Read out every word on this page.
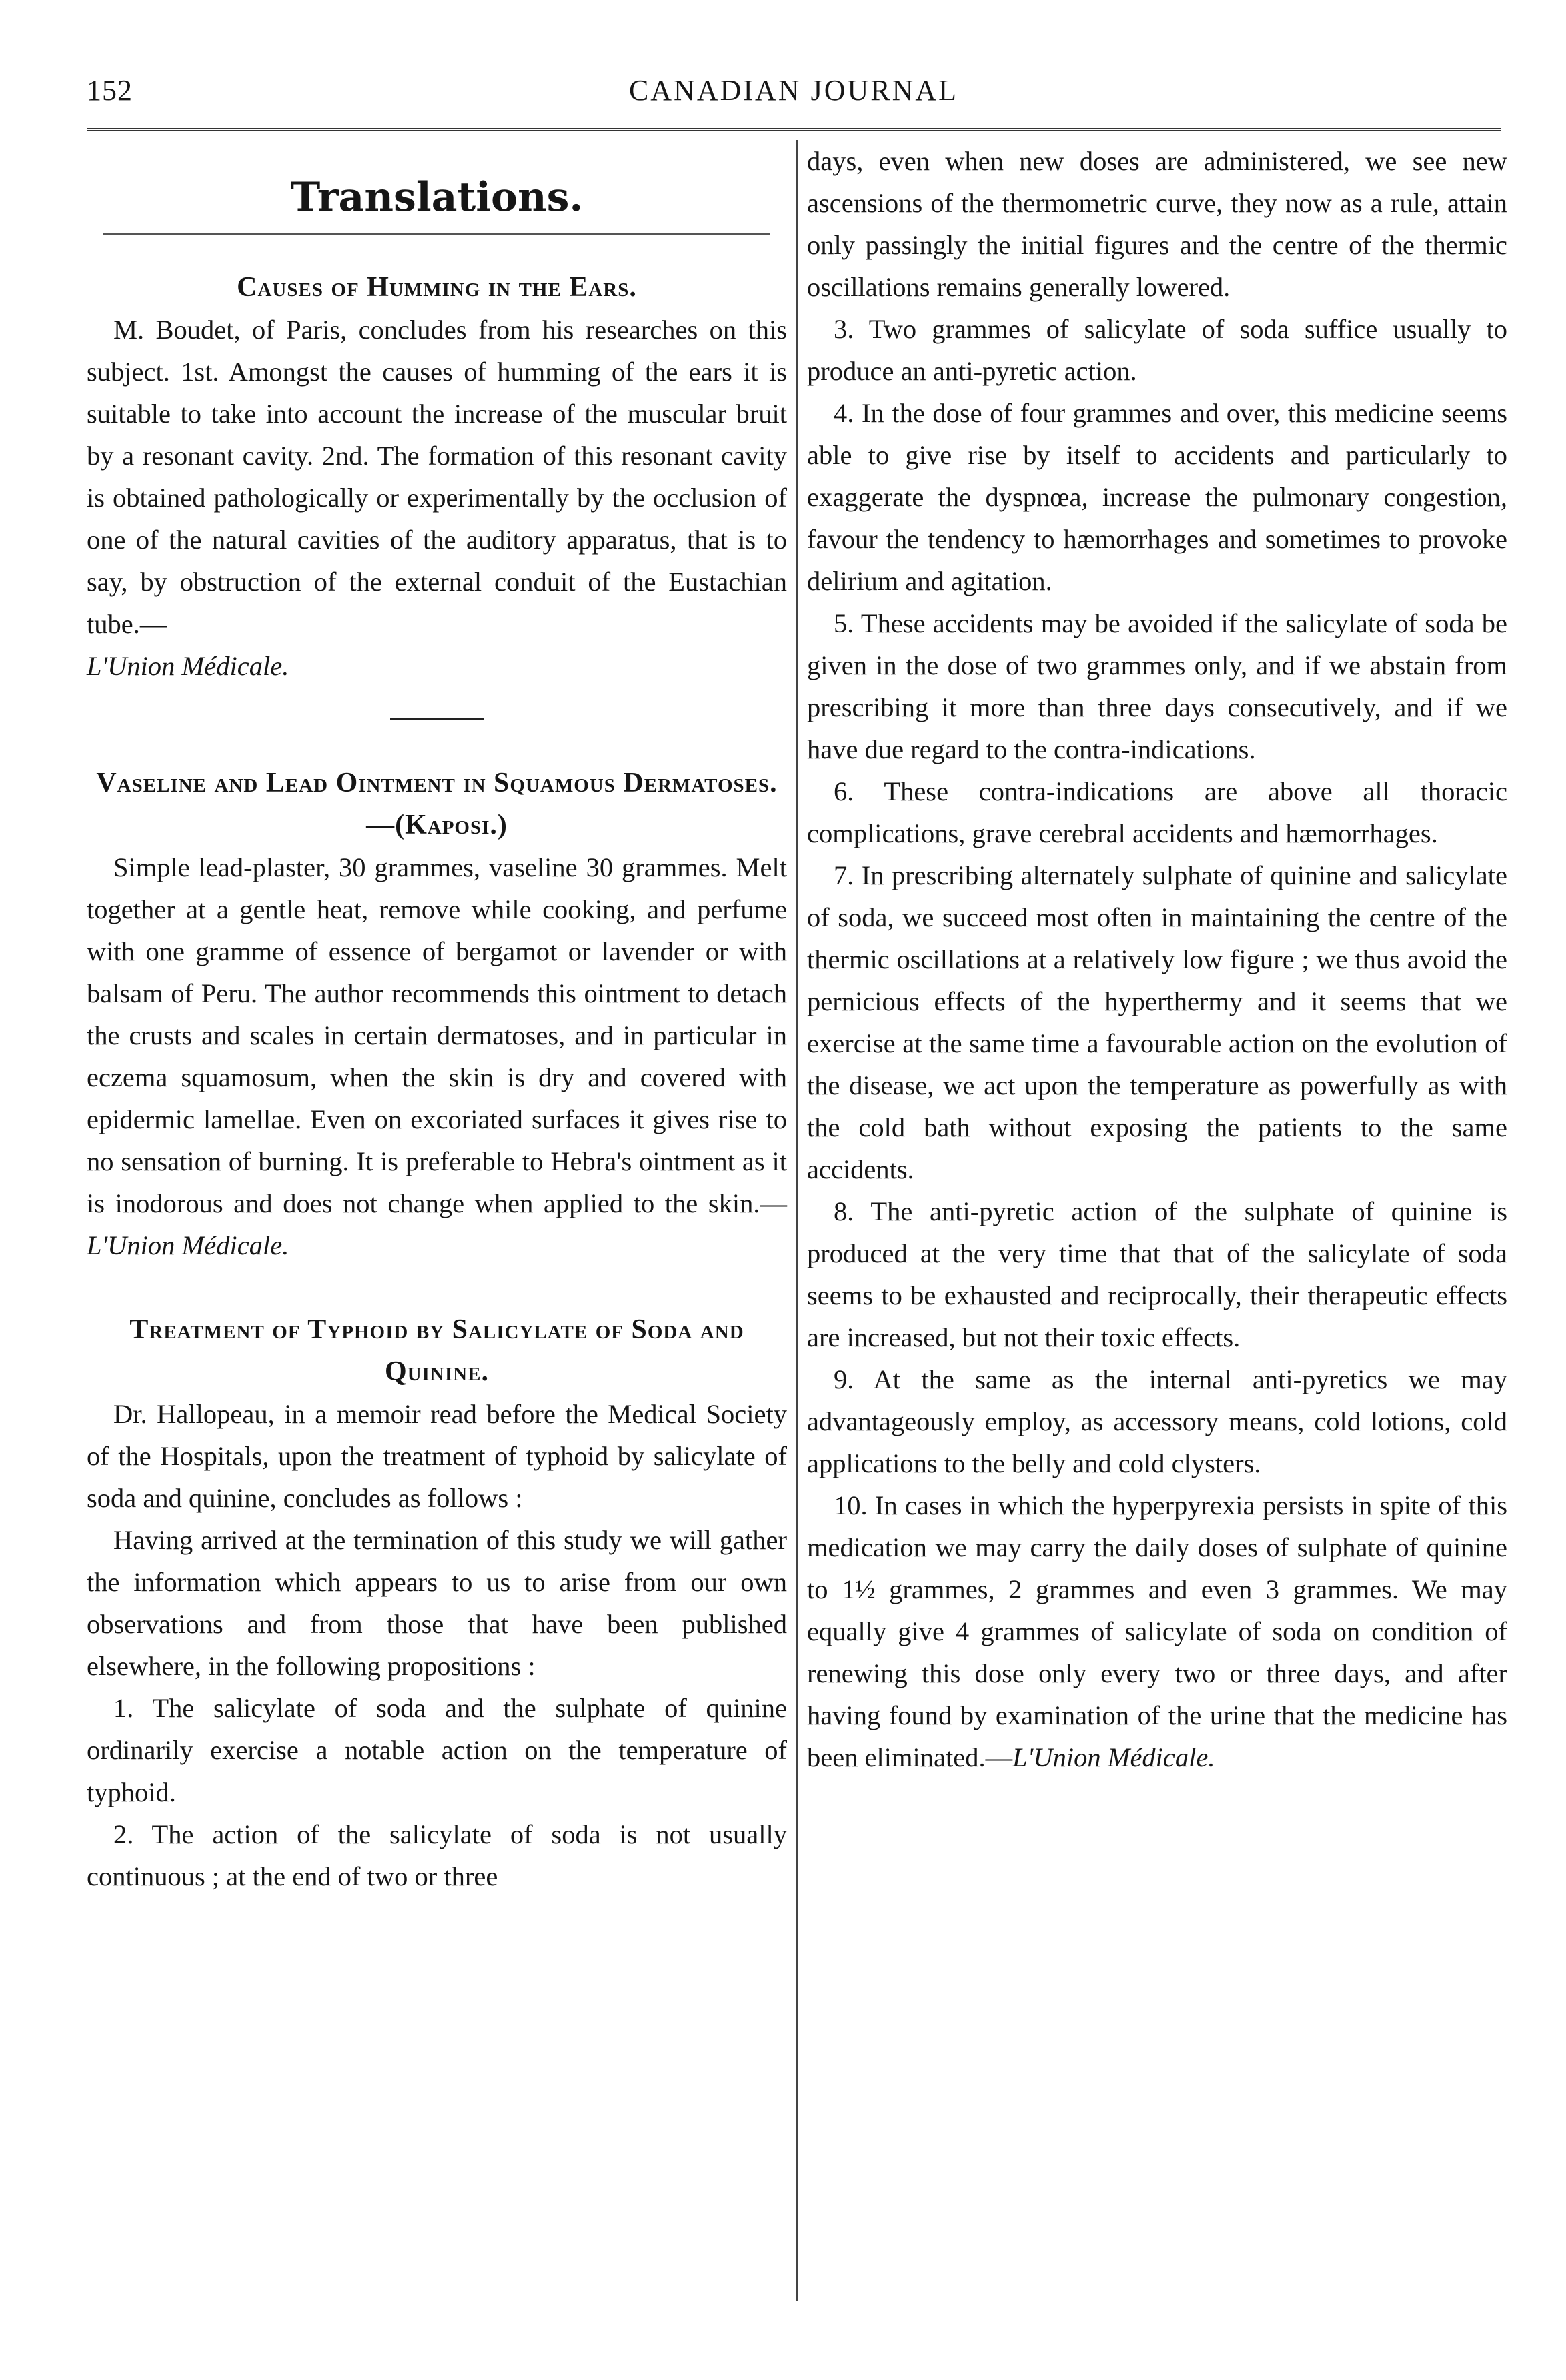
152	CANADIAN JOURNAL
Translations.
Causes of Humming in the Ears.

M. Boudet, of Paris, concludes from his researches on this subject. 1st. Amongst the causes of humming of the ears it is suitable to take into account the increase of the muscular bruit by a resonant cavity. 2nd. The formation of this resonant cavity is obtained pathologically or experimentally by the occlusion of one of the natural cavities of the auditory apparatus, that is to say, by obstruction of the external conduit of the Eustachian tube.—
L'Union Médicale.

Vaseline and Lead Ointment in Squamous Dermatoses.—(Kaposi.)

Simple lead-plaster, 30 grammes, vaseline 30 grammes. Melt together at a gentle heat, remove while cooking, and perfume with one gramme of essence of bergamot or lavender or with balsam of Peru. The author recommends this ointment to detach the crusts and scales in certain dermatoses, and in particular in eczema squamosum, when the skin is dry and covered with epidermic lamellae. Even on excoriated surfaces it gives rise to no sensation of burning. It is preferable to Hebra's ointment as it is inodorous and does not change when applied to the skin.—L'Union Médicale.

Treatment of Typhoid by Salicylate of Soda and Quinine.

Dr. Hallopeau, in a memoir read before the Medical Society of the Hospitals, upon the treatment of typhoid by salicylate of soda and quinine, concludes as follows :

Having arrived at the termination of this study we will gather the information which appears to us to arise from our own observations and from those that have been published elsewhere, in the following propositions :

1. The salicylate of soda and the sulphate of quinine ordinarily exercise a notable action on the temperature of typhoid.

2. The action of the salicylate of soda is not usually continuous ; at the end of two or three

days, even when new doses are administered, we see new ascensions of the thermometric curve, they now as a rule, attain only passingly the initial figures and the centre of the thermic oscillations remains generally lowered.

3. Two grammes of salicylate of soda suffice usually to produce an anti-pyretic action.

4. In the dose of four grammes and over, this medicine seems able to give rise by itself to accidents and particularly to exaggerate the dyspnœa, increase the pulmonary congestion, favour the tendency to hæmorrhages and sometimes to provoke delirium and agitation.

5. These accidents may be avoided if the salicylate of soda be given in the dose of two grammes only, and if we abstain from prescribing it more than three days consecutively, and if we have due regard to the contra-indications.

6. These contra-indications are above all thoracic complications, grave cerebral accidents and hæmorrhages.

7. In prescribing alternately sulphate of quinine and salicylate of soda, we succeed most often in maintaining the centre of the thermic oscillations at a relatively low figure ; we thus avoid the pernicious effects of the hyperthermy and it seems that we exercise at the same time a favourable action on the evolution of the disease, we act upon the temperature as powerfully as with the cold bath without exposing the patients to the same accidents.

8. The anti-pyretic action of the sulphate of quinine is produced at the very time that that of the salicylate of soda seems to be exhausted and reciprocally, their therapeutic effects are increased, but not their toxic effects.

9. At the same as the internal anti-pyretics we may advantageously employ, as accessory means, cold lotions, cold applications to the belly and cold clysters.

10. In cases in which the hyperpyrexia persists in spite of this medication we may carry the daily doses of sulphate of quinine to 1½ grammes, 2 grammes and even 3 grammes. We may equally give 4 grammes of salicylate of soda on condition of renewing this dose only every two or three days, and after having found by examination of the urine that the medicine has been eliminated.—L'Union Médicale.
